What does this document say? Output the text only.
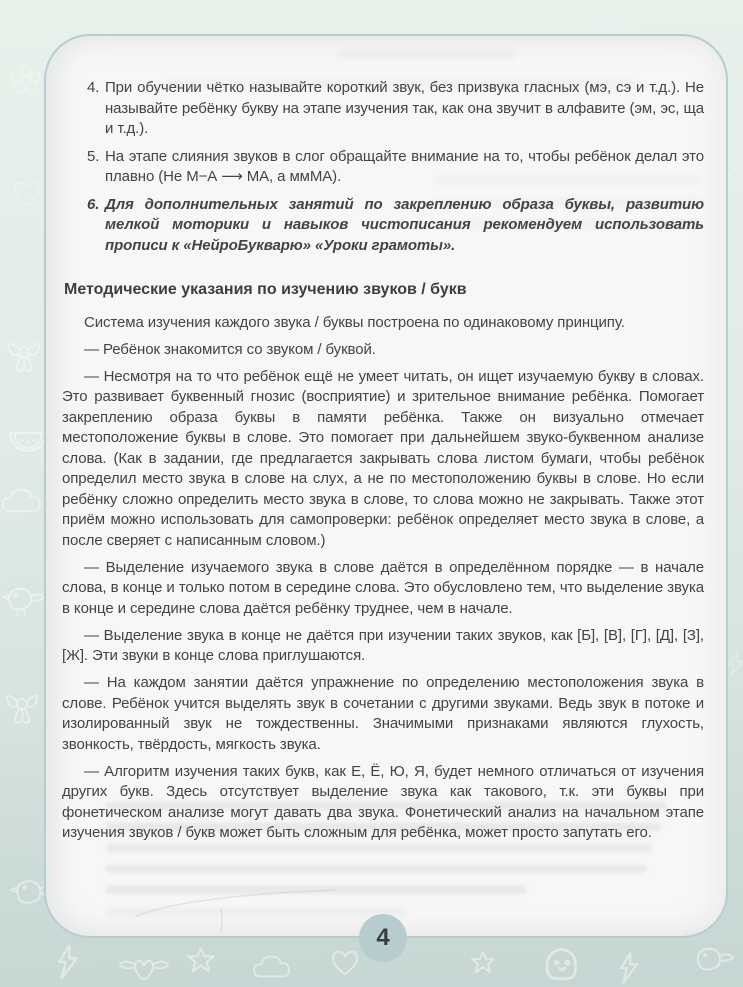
4. При обучении чётко называйте короткий звук, без призвука гласных (мэ, сэ и т.д.). Не называйте ребёнку букву на этапе изучения так, как она звучит в алфавите (эм, эс, ща и т.д.).
5. На этапе слияния звуков в слог обращайте внимание на то, чтобы ребёнок делал это плавно (Не М−А ⟶ МА, а ммМА).
6. Для дополнительных занятий по закреплению образа буквы, развитию мелкой моторики и навыков чистописания рекомендуем использовать прописи к «НейроБукварю» «Уроки грамоты».
Методические указания по изучению звуков / букв

Система изучения каждого звука / буквы построена по одинаковому принципу.

— Ребёнок знакомится со звуком / буквой.

— Несмотря на то что ребёнок ещё не умеет читать, он ищет изучаемую букву в словах. Это развивает буквенный гнозис (восприятие) и зрительное внимание ребёнка. Помогает закреплению образа буквы в памяти ребёнка. Также он визуально отмечает местоположение буквы в слове. Это помогает при дальнейшем звуко-буквенном анализе слова. (Как в задании, где предлагается закрывать слова листом бумаги, чтобы ребёнок определил место звука в слове на слух, а не по местоположению буквы в слове. Но если ребёнку сложно определить место звука в слове, то слова можно не закрывать. Также этот приём можно использовать для самопроверки: ребёнок определяет место звука в слове, а после сверяет с написанным словом.)

— Выделение изучаемого звука в слове даётся в определённом порядке — в начале слова, в конце и только потом в середине слова. Это обусловлено тем, что выделение звука в конце и середине слова даётся ребёнку труднее, чем в начале.

— Выделение звука в конце не даётся при изучении таких звуков, как [Б], [В], [Г], [Д], [З], [Ж]. Эти звуки в конце слова приглушаются.

— На каждом занятии даётся упражнение по определению местоположения звука в слове. Ребёнок учится выделять звук в сочетании с другими звуками. Ведь звук в потоке и изолированный звук не тождественны. Значимыми признаками являются глухость, звонкость, твёрдость, мягкость звука.

— Алгоритм изучения таких букв, как Е, Ё, Ю, Я, будет немного отличаться от изучения других букв. Здесь отсутствует выделение звука как такового, т.к. эти буквы при фонетическом анализе могут давать два звука. Фонетический анализ на начальном этапе изучения звуков / букв может быть сложным для ребёнка, может просто запутать его.

4
